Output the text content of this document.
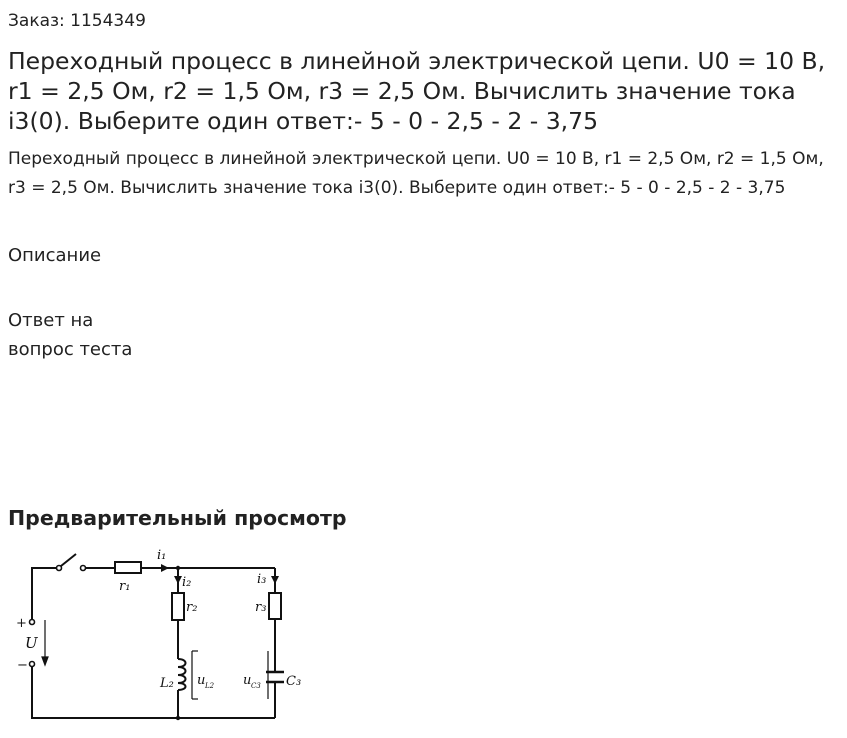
Заказ: 1154349
Переходный процесс в линейной электрической цепи. U0 = 10 В, r1 = 2,5 Ом, r2 = 1,5 Ом, r3 = 2,5 Ом. Вычислить значение тока i3(0). Выберите один ответ:- 5 - 0 - 2,5 - 2 - 3,75

Переходный процесс в линейной электрической цепи. U0 = 10 В, r1 = 2,5 Ом, r2 = 1,5 Ом, r3 = 2,5 Ом. Вычислить значение тока i3(0). Выберите один ответ:- 5 - 0 - 2,5 - 2 - 3,75

Описание

Ответ на вопрос теста

Предварительный просмотр
i₁
i₂	i₃
r₁
r₂	r₃
+
U
−
L₂ u L2 u C3 C₃
